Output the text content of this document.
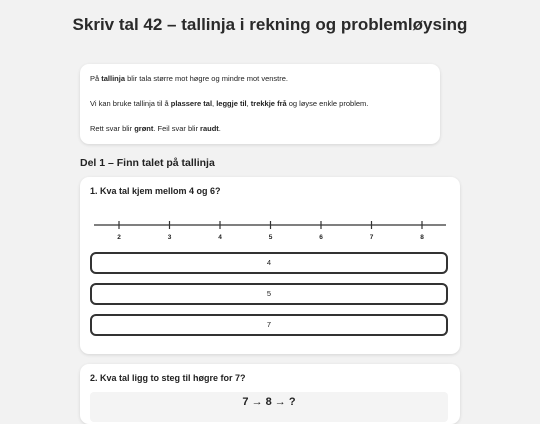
Skriv tal 42 – tallinja i rekning og problemløysing

På tallinja blir tala større mot høgre og mindre mot venstre.

Vi kan bruke tallinja til å plassere tal, leggje til, trekkje frå og løyse enkle problem.

Rett svar blir grønt. Feil svar blir raudt.

Del 1 – Finn talet på tallinja
1. Kva tal kjem mellom 4 og 6?
2	3	4	5	6	7	8
4
5
7
2. Kva tal ligg to steg til høgre for 7?
7 → 8 → ?
